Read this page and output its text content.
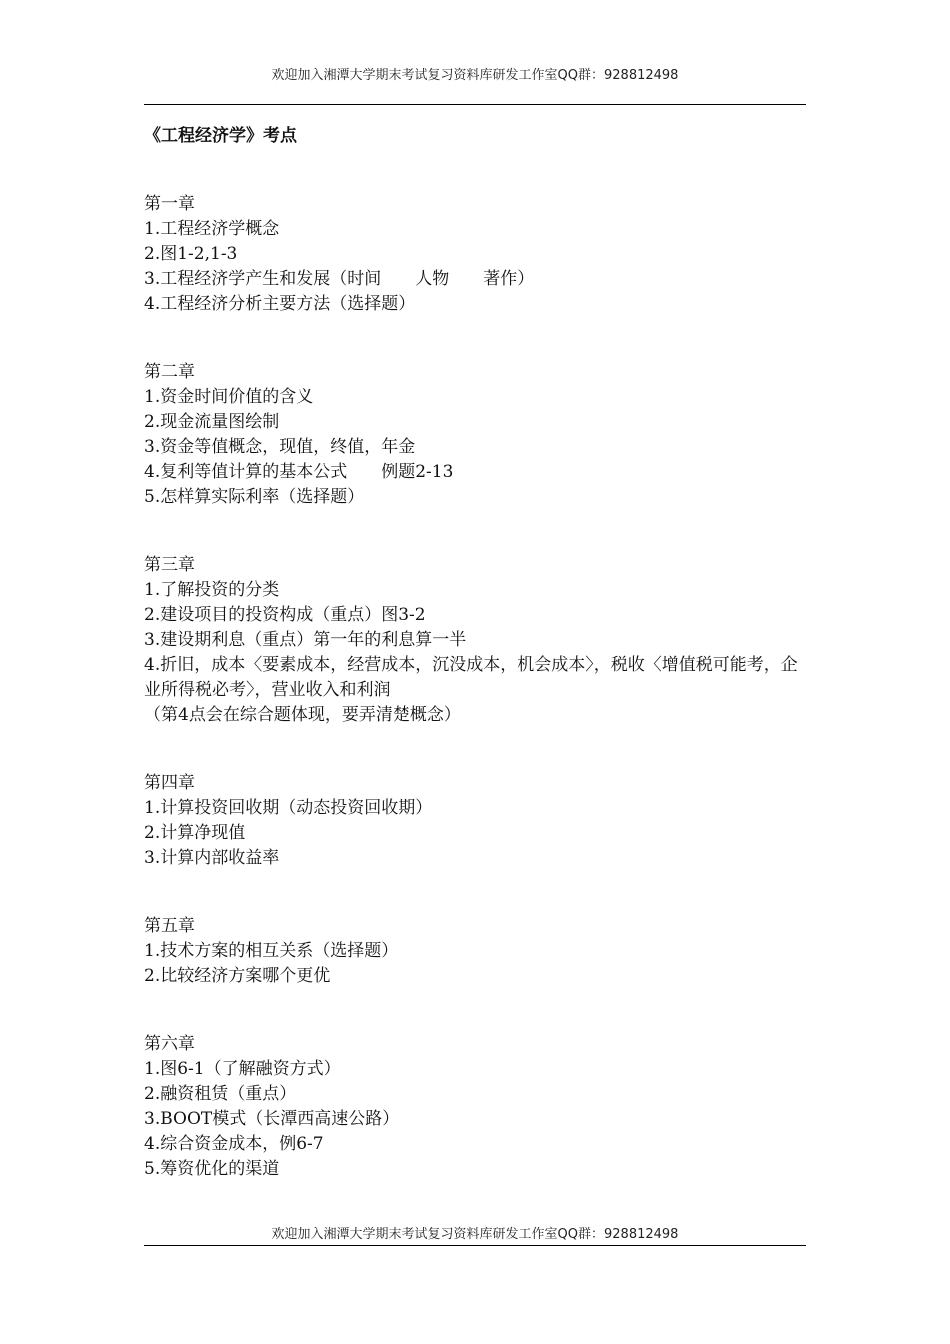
欢迎加入湘潭大学期末考试复习资料库研发工作室QQ群：928812498
《工程经济学》考点

第一章

1.工程经济学概念

2.图1-2,1-3

3.工程经济学产生和发展（时间　　人物　　著作）

4.工程经济分析主要方法（选择题）

第二章

1.资金时间价值的含义

2.现金流量图绘制

3.资金等值概念，现值，终值，年金

4.复利等值计算的基本公式　　例题2-13

5.怎样算实际利率（选择题）

第三章

1.了解投资的分类

2.建设项目的投资构成（重点）图3-2

3.建设期利息（重点）第一年的利息算一半

4.折旧，成本〈要素成本，经营成本，沉没成本，机会成本〉，税收〈增值税可能考，企业所得税必考〉，营业收入和利润

（第4点会在综合题体现，要弄清楚概念）

第四章

1.计算投资回收期（动态投资回收期）

2.计算净现值

3.计算内部收益率

第五章

1.技术方案的相互关系（选择题）

2.比较经济方案哪个更优

第六章

1.图6-1（了解融资方式）

2.融资租赁（重点）

3.BOOT模式（长潭西高速公路）

4.综合资金成本，例6-7

5.筹资优化的渠道

欢迎加入湘潭大学期末考试复习资料库研发工作室QQ群：928812498
